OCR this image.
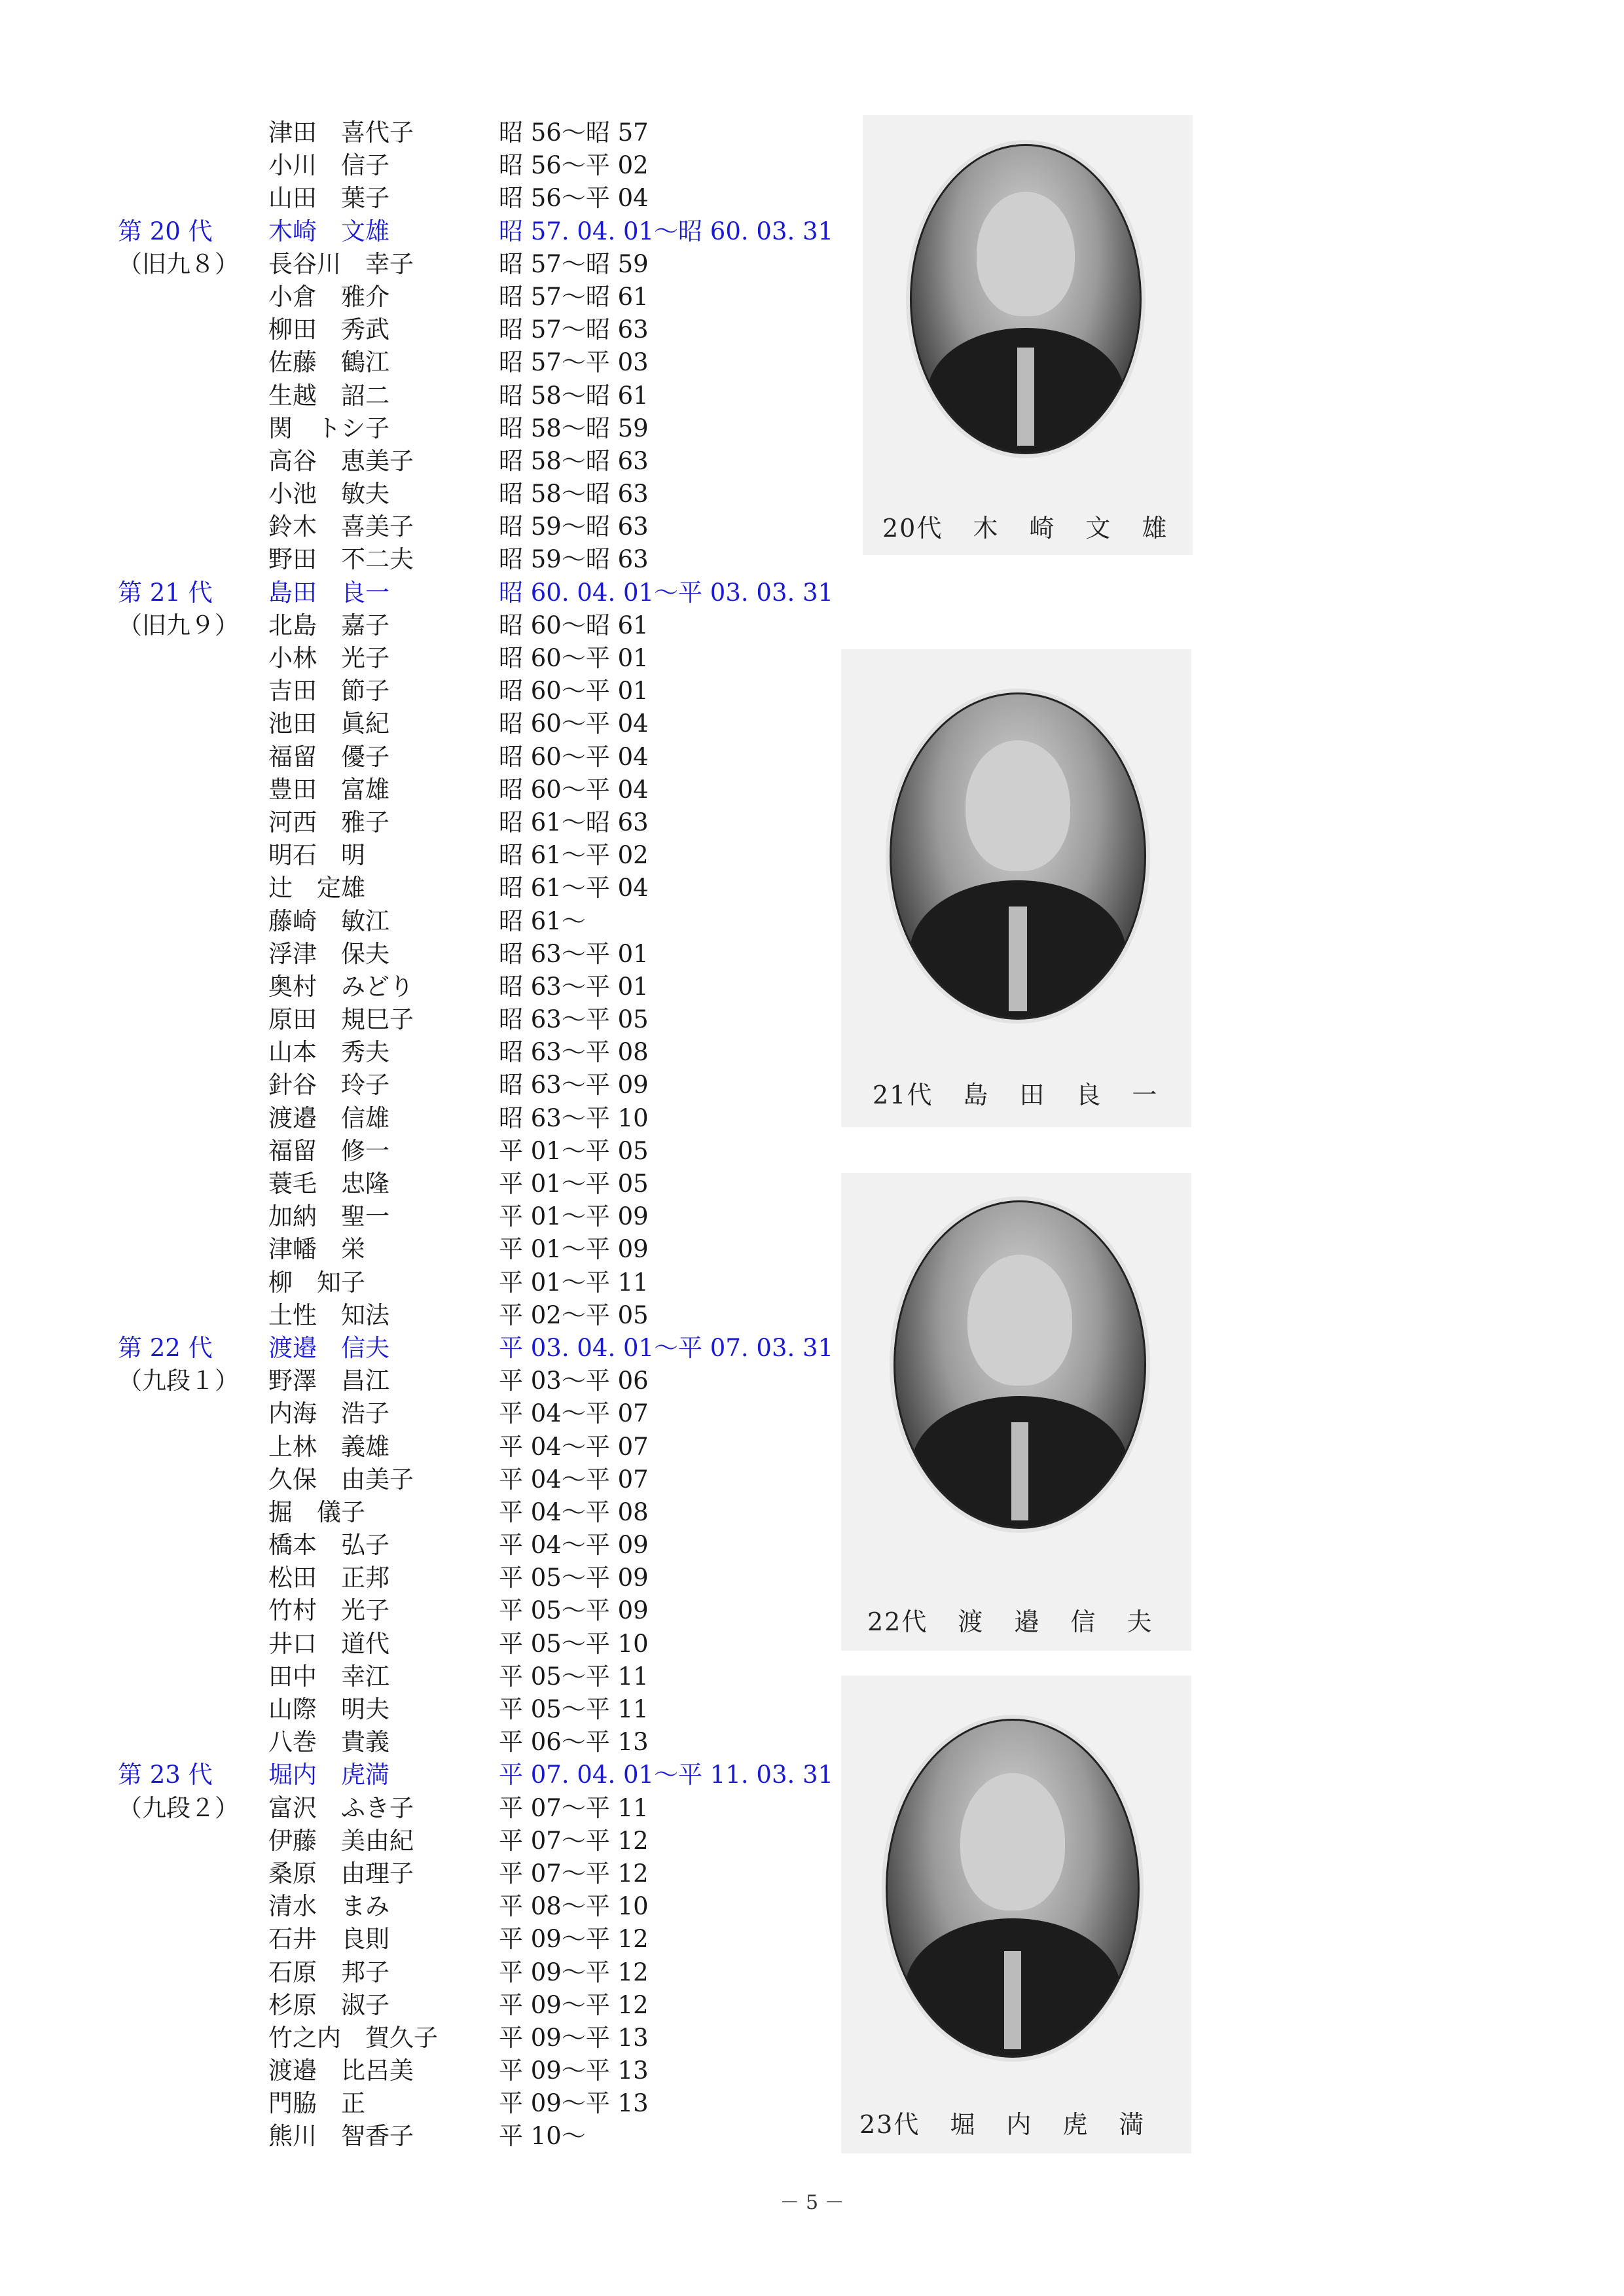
津田　喜代子	昭 56～昭 57
小川　信子	昭 56～平 02
山田　葉子	昭 56～平 04
第 20 代 木崎　文雄	昭 57. 04. 01～昭 60. 03. 31
（旧九８） 長谷川　幸子	昭 57～昭 59
小倉　雅介	昭 57～昭 61
柳田　秀武	昭 57～昭 63
佐藤　鶴江	昭 57～平 03
生越　詔二	昭 58～昭 61
関　トシ子	昭 58～昭 59
高谷　恵美子	昭 58～昭 63
小池　敏夫	昭 58～昭 63
鈴木　喜美子	昭 59～昭 63
野田　不二夫	昭 59～昭 63
第 21 代 島田　良一	昭 60. 04. 01～平 03. 03. 31
（旧九９） 北島　嘉子	昭 60～昭 61
小林　光子	昭 60～平 01
吉田　節子	昭 60～平 01
池田　眞紀	昭 60～平 04
福留　優子	昭 60～平 04
豊田　富雄	昭 60～平 04
河西　雅子	昭 61～昭 63
明石　明	昭 61～平 02
辻　定雄	昭 61～平 04
藤崎　敏江	昭 61～
浮津　保夫	昭 63～平 01
奥村　みどり	昭 63～平 01
原田　規巳子	昭 63～平 05
山本　秀夫	昭 63～平 08
針谷　玲子	昭 63～平 09
渡邉　信雄	昭 63～平 10
福留　修一	平 01～平 05
蓑毛　忠隆	平 01～平 05
加納　聖一	平 01～平 09
津幡　栄	平 01～平 09
柳　知子	平 01～平 11
土性　知法	平 02～平 05
第 22 代 渡邉　信夫	平 03. 04. 01～平 07. 03. 31
（九段１） 野澤　昌江	平 03～平 06
内海　浩子	平 04～平 07
上林　義雄	平 04～平 07
久保　由美子	平 04～平 07
掘　儀子	平 04～平 08
橋本　弘子	平 04～平 09
松田　正邦	平 05～平 09
竹村　光子	平 05～平 09
井口　道代	平 05～平 10
田中　幸江	平 05～平 11
山際　明夫	平 05～平 11
八巻　貴義	平 06～平 13
第 23 代 堀内　虎満	平 07. 04. 01～平 11. 03. 31
（九段２） 富沢　ふき子	平 07～平 11
伊藤　美由紀	平 07～平 12
桑原　由理子	平 07～平 12
清水　まみ	平 08～平 10
石井　良則	平 09～平 12
石原　邦子	平 09～平 12
杉原　淑子	平 09～平 12
竹之内　賀久子	平 09～平 13
渡邉　比呂美	平 09～平 13
門脇　正	平 09～平 13
熊川　智香子	平 10～
20代 木 崎 文 雄
21代 島 田 良 一
22代 渡 邉 信 夫
23代 堀 内 虎 満
－ 5 －
